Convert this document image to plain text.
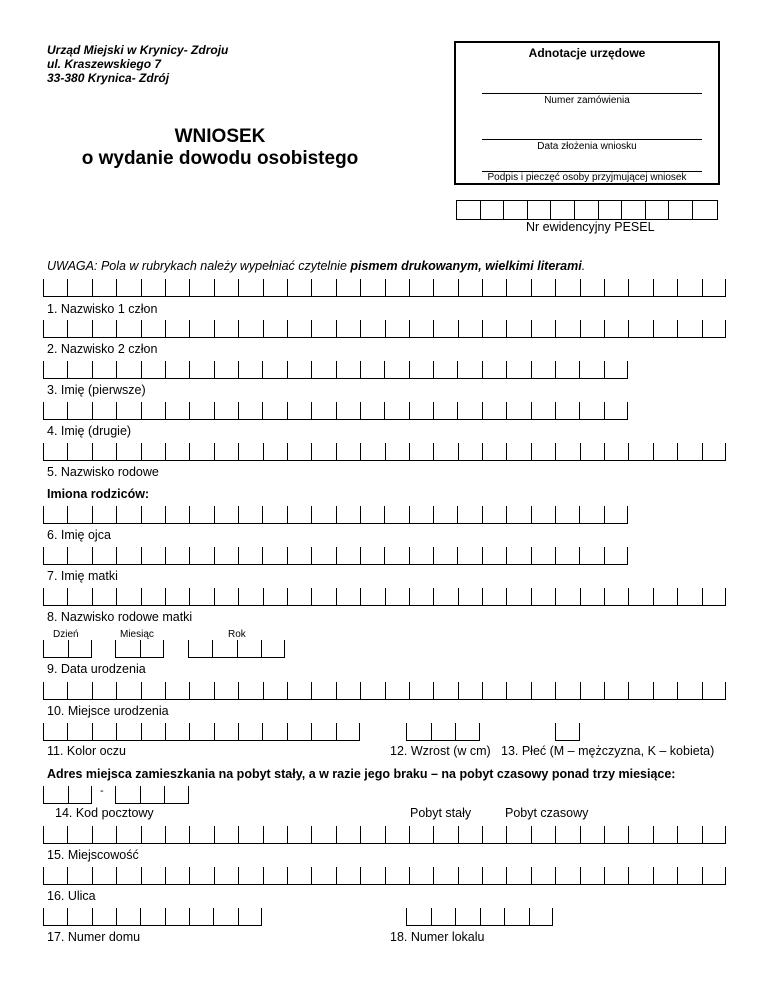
Urząd Miejski w Krynicy- Zdroju
ul. Kraszewskiego 7
33-380 Krynica- Zdrój
WNIOSEK
o wydanie dowodu osobistego
Adnotacje urzędowe
Numer zamówienia
Data złożenia wniosku
Podpis i pieczęć osoby przyjmującej wniosek
Nr ewidencyjny PESEL
UWAGA: Pola w rubrykach należy wypełniać czytelnie pismem drukowanym, wielkimi literami.
1. Nazwisko 1 człon
2. Nazwisko 2 człon
3. Imię (pierwsze)
4. Imię (drugie)
5. Nazwisko rodowe
Imiona rodziców:
6. Imię ojca
7. Imię matki
8. Nazwisko rodowe matki
Dzień	Miesiąc	Rok
9. Data urodzenia
10. Miejsce urodzenia
11. Kolor oczu	12. Wzrost (w cm) 13. Płeć (M – mężczyzna, K – kobieta)
Adres miejsca zamieszkania na pobyt stały, a w razie jego braku – na pobyt czasowy ponad trzy miesiące:
-
14. Kod pocztowy	Pobyt stały	Pobyt czasowy
15. Miejscowość
16. Ulica
17. Numer domu	18. Numer lokalu
